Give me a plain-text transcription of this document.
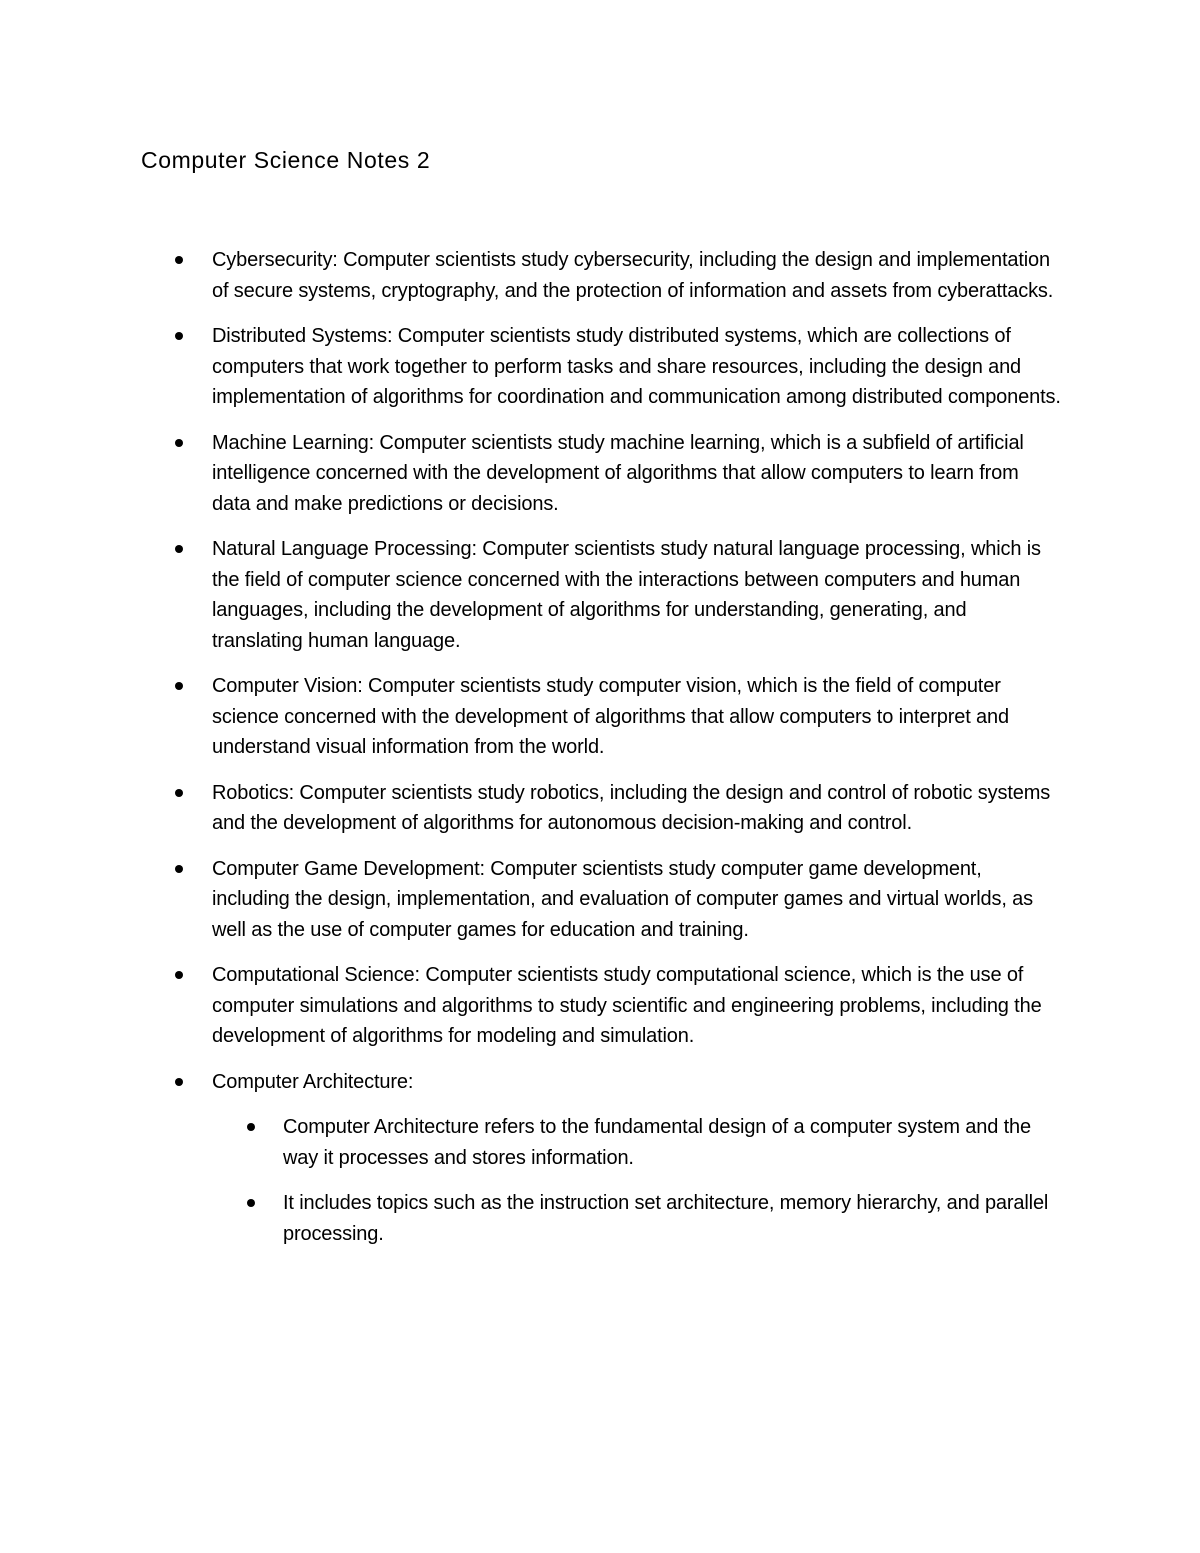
Computer Science Notes 2
Cybersecurity: Computer scientists study cybersecurity, including the design and implementation of secure systems, cryptography, and the protection of information and assets from cyberattacks.
Distributed Systems: Computer scientists study distributed systems, which are collections of computers that work together to perform tasks and share resources, including the design and implementation of algorithms for coordination and communication among distributed components.
Machine Learning: Computer scientists study machine learning, which is a subfield of artificial intelligence concerned with the development of algorithms that allow computers to learn from data and make predictions or decisions.
Natural Language Processing: Computer scientists study natural language processing, which is the field of computer science concerned with the interactions between computers and human languages, including the development of algorithms for understanding, generating, and translating human language.
Computer Vision: Computer scientists study computer vision, which is the field of computer science concerned with the development of algorithms that allow computers to interpret and understand visual information from the world.
Robotics: Computer scientists study robotics, including the design and control of robotic systems and the development of algorithms for autonomous decision-making and control.
Computer Game Development: Computer scientists study computer game development, including the design, implementation, and evaluation of computer games and virtual worlds, as well as the use of computer games for education and training.
Computational Science: Computer scientists study computational science, which is the use of computer simulations and algorithms to study scientific and engineering problems, including the development of algorithms for modeling and simulation.
Computer Architecture:
Computer Architecture refers to the fundamental design of a computer system and the way it processes and stores information.
It includes topics such as the instruction set architecture, memory hierarchy, and parallel processing.
